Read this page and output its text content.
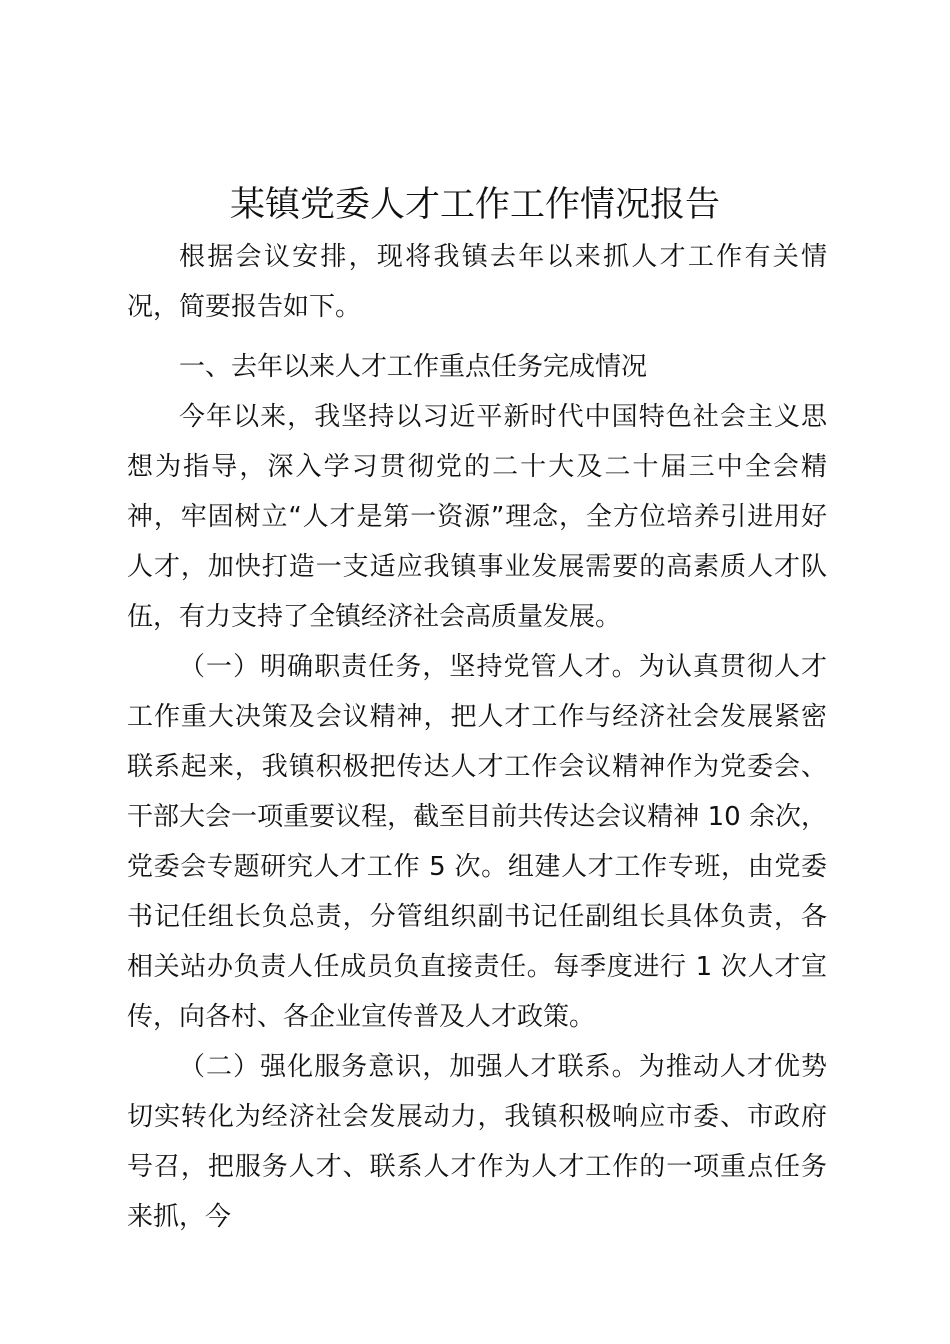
某镇党委人才工作工作情况报告

根据会议安排，现将我镇去年以来抓人才工作有关情况，简要报告如下。

一、去年以来人才工作重点任务完成情况

今年以来，我坚持以习近平新时代中国特色社会主义思想为指导，深入学习贯彻党的二十大及二十届三中全会精神，牢固树立“人才是第一资源”理念，全方位培养引进用好人才，加快打造一支适应我镇事业发展需要的高素质人才队伍，有力支持了全镇经济社会高质量发展。

（一）明确职责任务，坚持党管人才。为认真贯彻人才工作重大决策及会议精神，把人才工作与经济社会发展紧密联系起来，我镇积极把传达人才工作会议精神作为党委会、干部大会一项重要议程，截至目前共传达会议精神 10 余次，党委会专题研究人才工作 5 次。组建人才工作专班，由党委书记任组长负总责，分管组织副书记任副组长具体负责，各相关站办负责人任成员负直接责任。每季度进行 1 次人才宣传，向各村、各企业宣传普及人才政策。

（二）强化服务意识，加强人才联系。为推动人才优势切实转化为经济社会发展动力，我镇积极响应市委、市政府号召，把服务人才、联系人才作为人才工作的一项重点任务来抓，今
